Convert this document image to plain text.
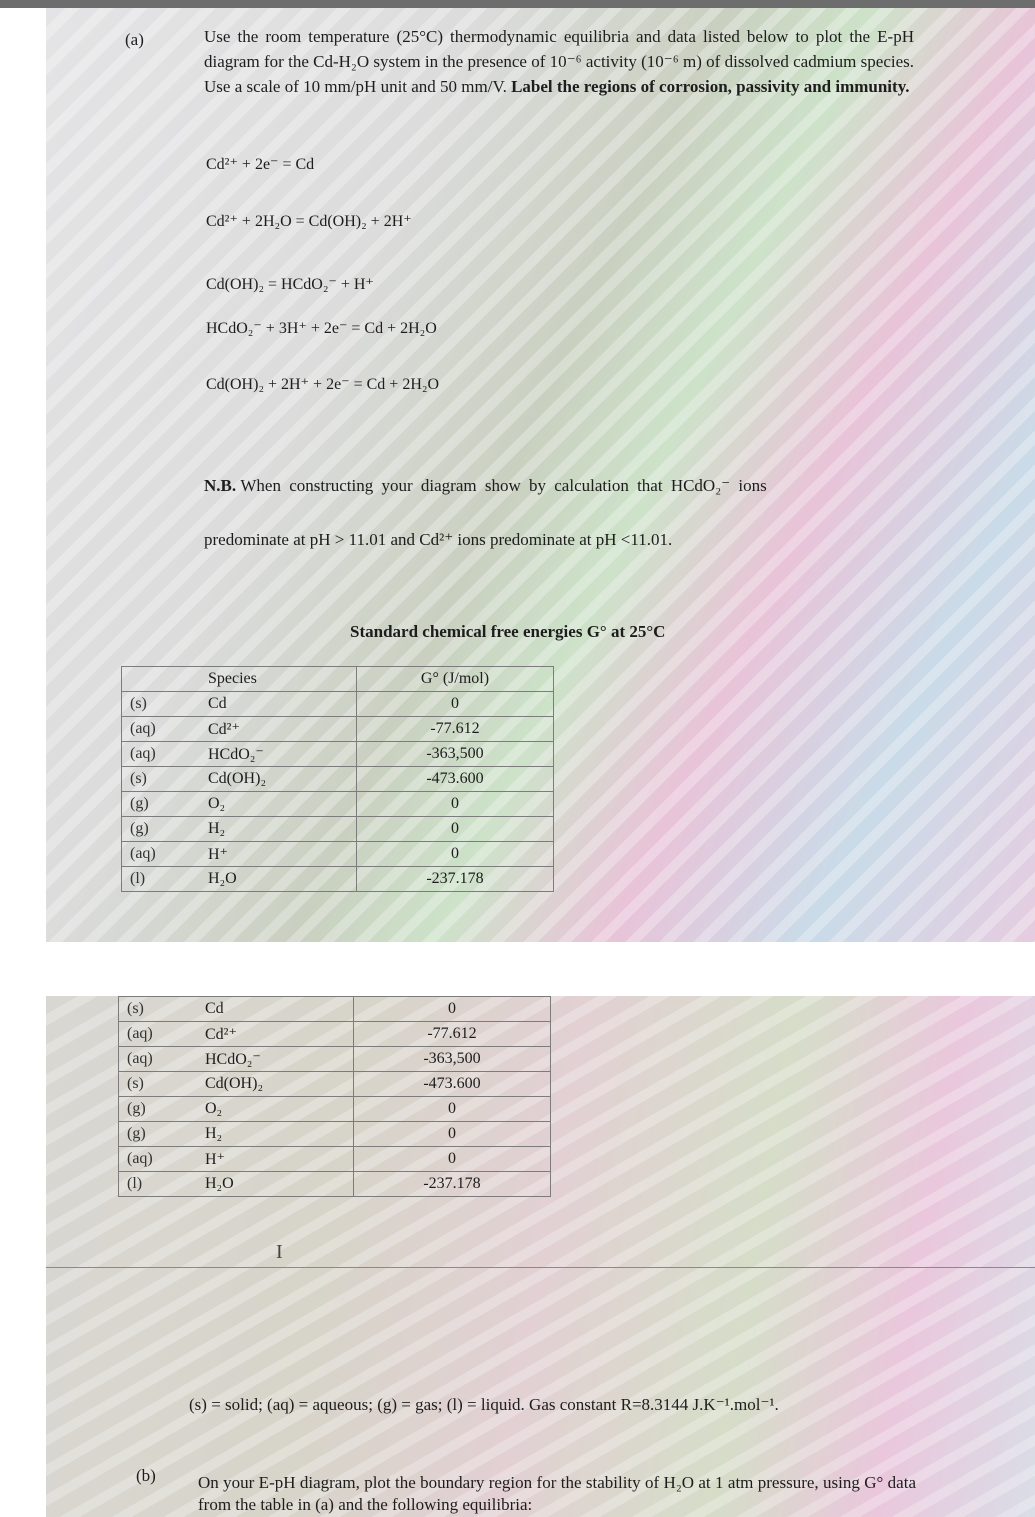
(a)	Use the room temperature (25°C) thermodynamic equilibria and data listed below to plot the E-pH diagram for the Cd-H₂O system in the presence of 10⁻⁶ activity (10⁻⁶ m) of dissolved cadmium species. Use a scale of 10 mm/pH unit and 50 mm/V. Label the regions of corrosion, passivity and immunity.
Cd²⁺ + 2e⁻ = Cd
Cd²⁺ + 2H₂O = Cd(OH)₂ + 2H⁺
Cd(OH)₂ = HCdO₂⁻ + H⁺
HCdO₂⁻ + 3H⁺ + 2e⁻ = Cd + 2H₂O
Cd(OH)₂ + 2H⁺ + 2e⁻ = Cd + 2H₂O
N.B. When constructing your diagram show by calculation that HCdO₂⁻ ions
predominate at pH > 11.01 and Cd²⁺ ions predominate at pH <11.01.
Standard chemical free energies G° at 25°C
	Species	G° (J/mol)
(s)	Cd	0
(aq)	Cd²⁺	-77.612
(aq)	HCdO₂⁻	-363,500
(s)	Cd(OH)₂	-473.600
(g)	O₂	0
(g)	H₂	0
(aq)	H⁺	0
(l)	H₂O	-237.178
(s)	Cd	0
(aq)	Cd²⁺	-77.612
(aq)	HCdO₂⁻	-363,500
(s)	Cd(OH)₂	-473.600
(g)	O₂	0
(g)	H₂	0
(aq)	H⁺	0
(l)	H₂O	-237.178
I
(s) = solid; (aq) = aqueous; (g) = gas; (l) = liquid. Gas constant R=8.3144 J.K⁻¹.mol⁻¹.
(b) On your E-pH diagram, plot the boundary region for the stability of H₂O at 1 atm pressure, using G° data from the table in (a) and the following equilibria:
